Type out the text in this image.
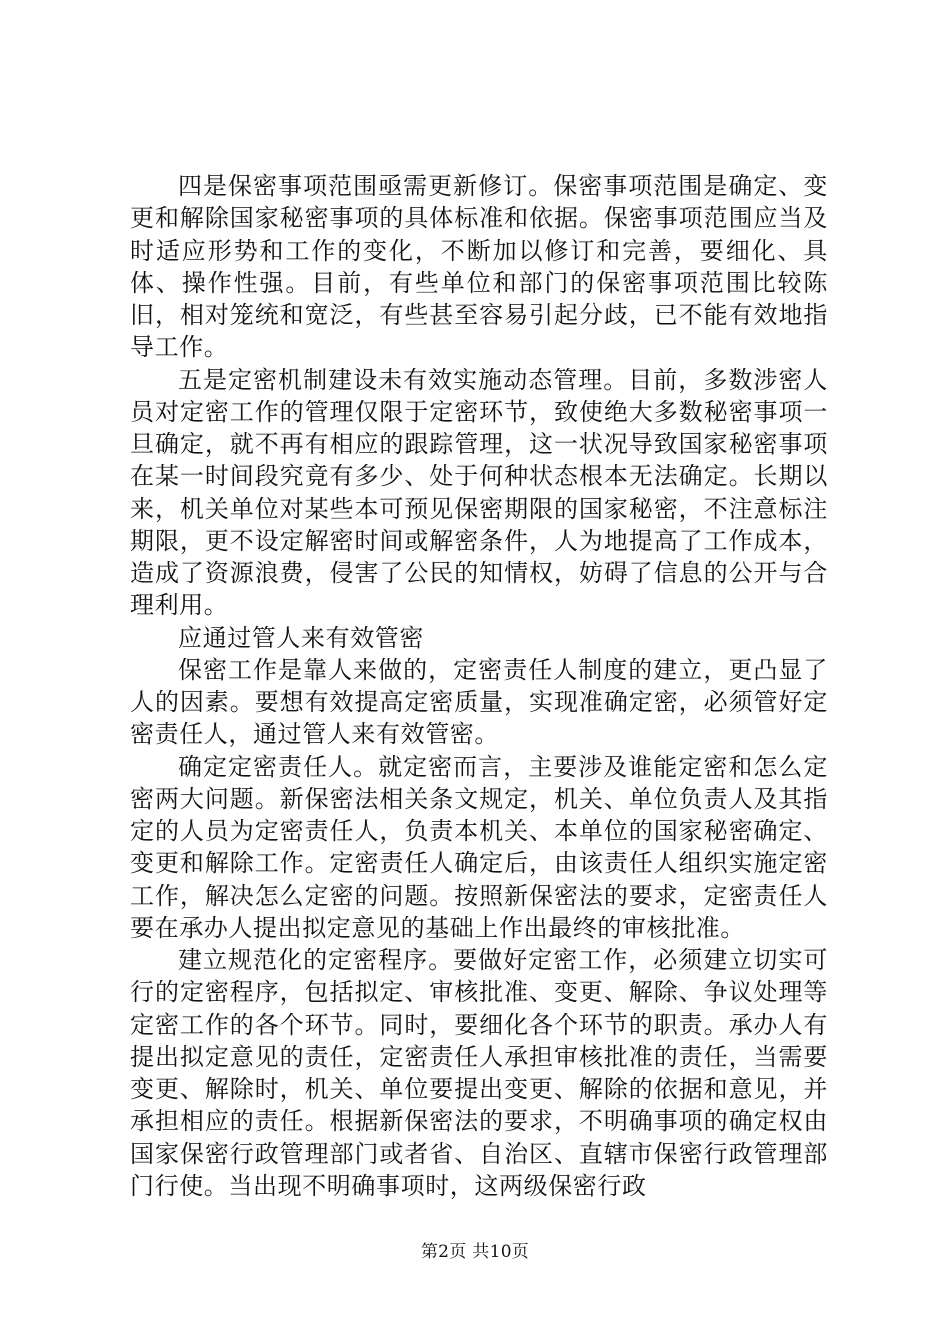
四是保密事项范围亟需更新修订。保密事项范围是确定、变更和解除国家秘密事项的具体标准和依据。保密事项范围应当及时适应形势和工作的变化，不断加以修订和完善，要细化、具体、操作性强。目前，有些单位和部门的保密事项范围比较陈旧，相对笼统和宽泛，有些甚至容易引起分歧，已不能有效地指导工作。

五是定密机制建设未有效实施动态管理。目前，多数涉密人员对定密工作的管理仅限于定密环节，致使绝大多数秘密事项一旦确定，就不再有相应的跟踪管理，这一状况导致国家秘密事项在某一时间段究竟有多少、处于何种状态根本无法确定。长期以来，机关单位对某些本可预见保密期限的国家秘密，不注意标注期限，更不设定解密时间或解密条件，人为地提高了工作成本，造成了资源浪费，侵害了公民的知情权，妨碍了信息的公开与合理利用。

应通过管人来有效管密

保密工作是靠人来做的，定密责任人制度的建立，更凸显了人的因素。要想有效提高定密质量，实现准确定密，必须管好定密责任人，通过管人来有效管密。

确定定密责任人。就定密而言，主要涉及谁能定密和怎么定密两大问题。新保密法相关条文规定，机关、单位负责人及其指定的人员为定密责任人，负责本机关、本单位的国家秘密确定、变更和解除工作。定密责任人确定后，由该责任人组织实施定密工作，解决怎么定密的问题。按照新保密法的要求，定密责任人要在承办人提出拟定意见的基础上作出最终的审核批准。

建立规范化的定密程序。要做好定密工作，必须建立切实可行的定密程序，包括拟定、审核批准、变更、解除、争议处理等定密工作的各个环节。同时，要细化各个环节的职责。承办人有提出拟定意见的责任，定密责任人承担审核批准的责任，当需要变更、解除时，机关、单位要提出变更、解除的依据和意见，并承担相应的责任。根据新保密法的要求，不明确事项的确定权由国家保密行政管理部门或者省、自治区、直辖市保密行政管理部门行使。当出现不明确事项时，这两级保密行政

第2页 共10页
